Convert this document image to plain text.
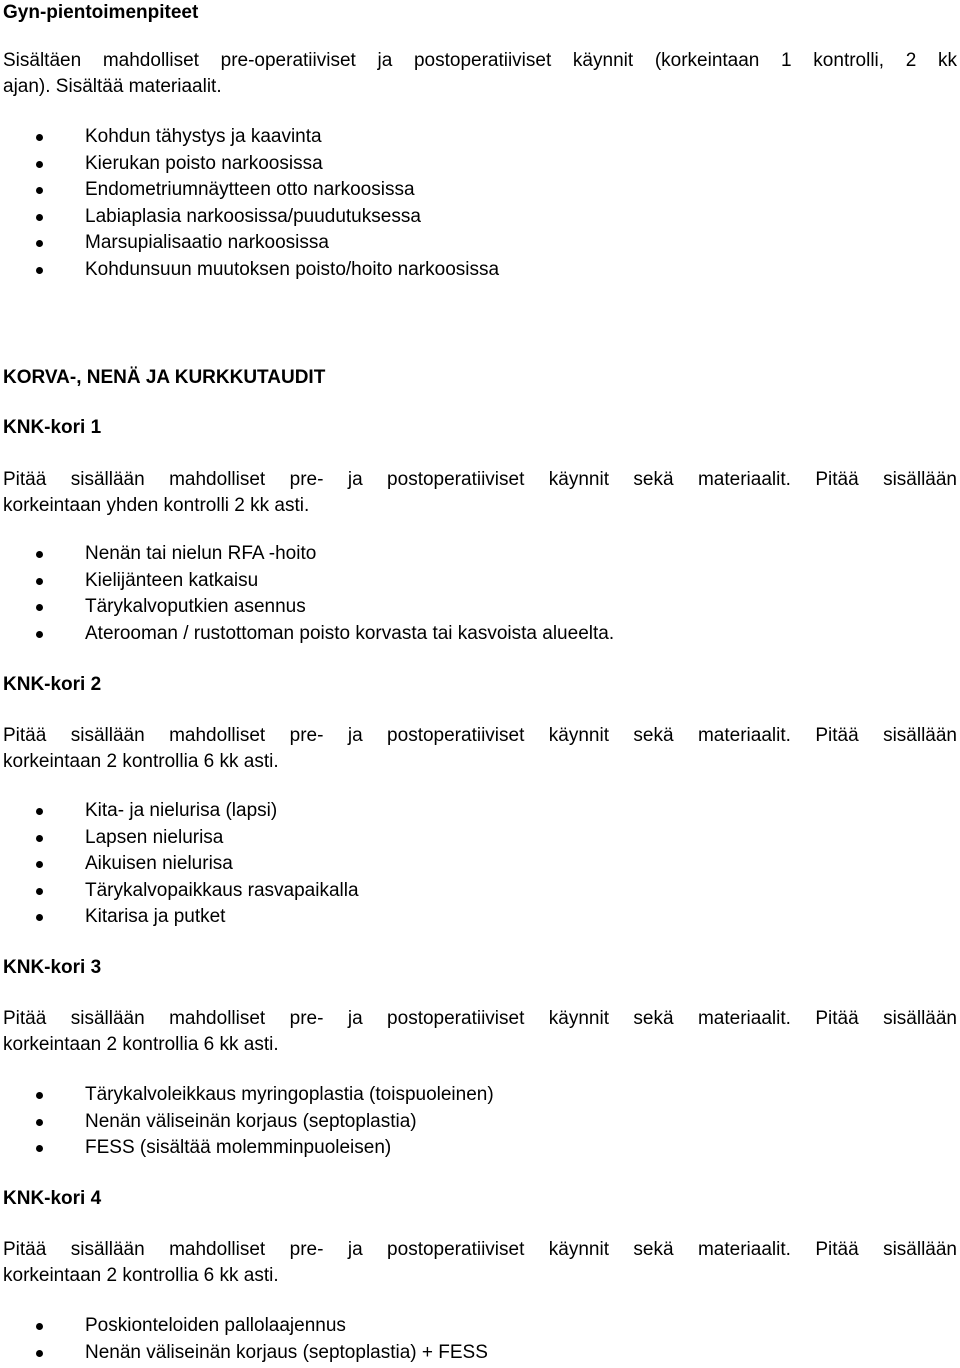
Gyn-pientoimenpiteet
Sisältäen mahdolliset pre-operatiiviset ja postoperatiiviset käynnit (korkeintaan 1 kontrolli, 2 kk
ajan). Sisältää materiaalit.
Kohdun tähystys ja kaavinta
Kierukan poisto narkoosissa
Endometriumnäytteen otto narkoosissa
Labiaplasia narkoosissa/puudutuksessa
Marsupialisaatio narkoosissa
Kohdunsuun muutoksen poisto/hoito narkoosissa
KORVA-, NENÄ JA KURKKUTAUDIT
KNK-kori 1
Pitää sisällään mahdolliset pre- ja postoperatiiviset käynnit sekä materiaalit. Pitää sisällään
korkeintaan yhden kontrolli 2 kk asti.
Nenän tai nielun RFA -hoito
Kielijänteen katkaisu
Tärykalvoputkien asennus
Aterooman / rustottoman poisto korvasta tai kasvoista alueelta.
KNK-kori 2
Pitää sisällään mahdolliset pre- ja postoperatiiviset käynnit sekä materiaalit. Pitää sisällään
korkeintaan 2 kontrollia 6 kk asti.
Kita- ja nielurisa (lapsi)
Lapsen nielurisa
Aikuisen nielurisa
Tärykalvopaikkaus rasvapaikalla
Kitarisa ja putket
KNK-kori 3
Pitää sisällään mahdolliset pre- ja postoperatiiviset käynnit sekä materiaalit. Pitää sisällään
korkeintaan 2 kontrollia 6 kk asti.
Tärykalvoleikkaus myringoplastia (toispuoleinen)
Nenän väliseinän korjaus (septoplastia)
FESS (sisältää molemminpuoleisen)
KNK-kori 4
Pitää sisällään mahdolliset pre- ja postoperatiiviset käynnit sekä materiaalit. Pitää sisällään
korkeintaan 2 kontrollia 6 kk asti.
Poskionteloiden pallolaajennus
Nenän väliseinän korjaus (septoplastia) + FESS
